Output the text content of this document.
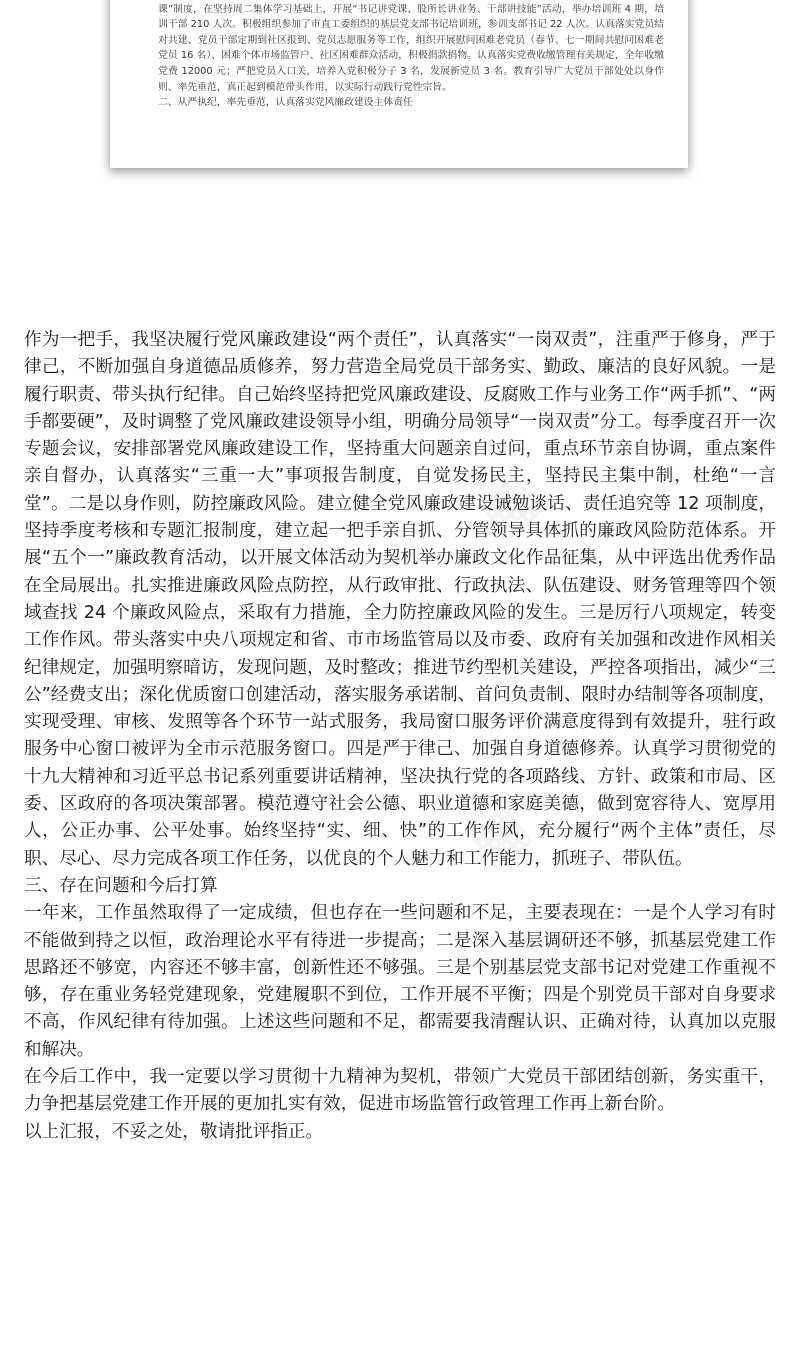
课”制度，在坚持周二集体学习基础上，开展“书记讲党课、股所长讲业务、干部讲技能”活动，举办培训班 4 期，培训干部 210 人次。积极组织参加了市直工委组织的基层党支部书记培训班，参训支部书记 22 人次。认真落实党员结对共建、党员干部定期到社区报到、党员志愿服务等工作，组织开展慰问困难老党员（春节、七一期间共慰问困难老党员 16 名）、困难个体市场监管户、社区困难群众活动，积极捐款捐物。认真落实党费收缴管理有关规定，全年收缴党费 12000 元；严把党员入口关，培养入党积极分子 3 名，发展新党员 3 名。教育引导广大党员干部处处以身作则、率先垂范，真正起到模范带头作用，以实际行动践行党性宗旨。

二、从严执纪，率先垂范，认真落实党风廉政建设主体责任

作为一把手，我坚决履行党风廉政建设“两个责任”，认真落实“一岗双责”，注重严于修身，严于律己，不断加强自身道德品质修养，努力营造全局党员干部务实、勤政、廉洁的良好风貌。一是履行职责、带头执行纪律。自己始终坚持把党风廉政建设、反腐败工作与业务工作“两手抓”、“两手都要硬”，及时调整了党风廉政建设领导小组，明确分局领导“一岗双责”分工。每季度召开一次专题会议，安排部署党风廉政建设工作，坚持重大问题亲自过问，重点环节亲自协调，重点案件亲自督办，认真落实“三重一大”事项报告制度，自觉发扬民主，坚持民主集中制，杜绝“一言堂”。二是以身作则，防控廉政风险。建立健全党风廉政建设诫勉谈话、责任追究等 12 项制度，坚持季度考核和专题汇报制度，建立起一把手亲自抓、分管领导具体抓的廉政风险防范体系。开展“五个一”廉政教育活动，以开展文体活动为契机举办廉政文化作品征集，从中评选出优秀作品在全局展出。扎实推进廉政风险点防控，从行政审批、行政执法、队伍建设、财务管理等四个领域查找 24 个廉政风险点，采取有力措施，全力防控廉政风险的发生。三是厉行八项规定，转变工作作风。带头落实中央八项规定和省、市市场监管局以及市委、政府有关加强和改进作风相关纪律规定，加强明察暗访，发现问题，及时整改；推进节约型机关建设，严控各项指出，减少“三公”经费支出；深化优质窗口创建活动，落实服务承诺制、首问负责制、限时办结制等各项制度，实现受理、审核、发照等各个环节一站式服务，我局窗口服务评价满意度得到有效提升，驻行政服务中心窗口被评为全市示范服务窗口。四是严于律己、加强自身道德修养。认真学习贯彻党的十九大精神和习近平总书记系列重要讲话精神，坚决执行党的各项路线、方针、政策和市局、区委、区政府的各项决策部署。模范遵守社会公德、职业道德和家庭美德，做到宽容待人、宽厚用人，公正办事、公平处事。始终坚持“实、细、快”的工作作风，充分履行“两个主体”责任，尽职、尽心、尽力完成各项工作任务，以优良的个人魅力和工作能力，抓班子、带队伍。

三、存在问题和今后打算

一年来，工作虽然取得了一定成绩，但也存在一些问题和不足，主要表现在：一是个人学习有时不能做到持之以恒，政治理论水平有待进一步提高；二是深入基层调研还不够，抓基层党建工作思路还不够宽，内容还不够丰富，创新性还不够强。三是个别基层党支部书记对党建工作重视不够，存在重业务轻党建现象，党建履职不到位，工作开展不平衡；四是个别党员干部对自身要求不高，作风纪律有待加强。上述这些问题和不足，都需要我清醒认识、正确对待，认真加以克服和解决。

在今后工作中，我一定要以学习贯彻十九精神为契机，带领广大党员干部团结创新，务实重干，力争把基层党建工作开展的更加扎实有效，促进市场监管行政管理工作再上新台阶。

以上汇报，不妥之处，敬请批评指正。
